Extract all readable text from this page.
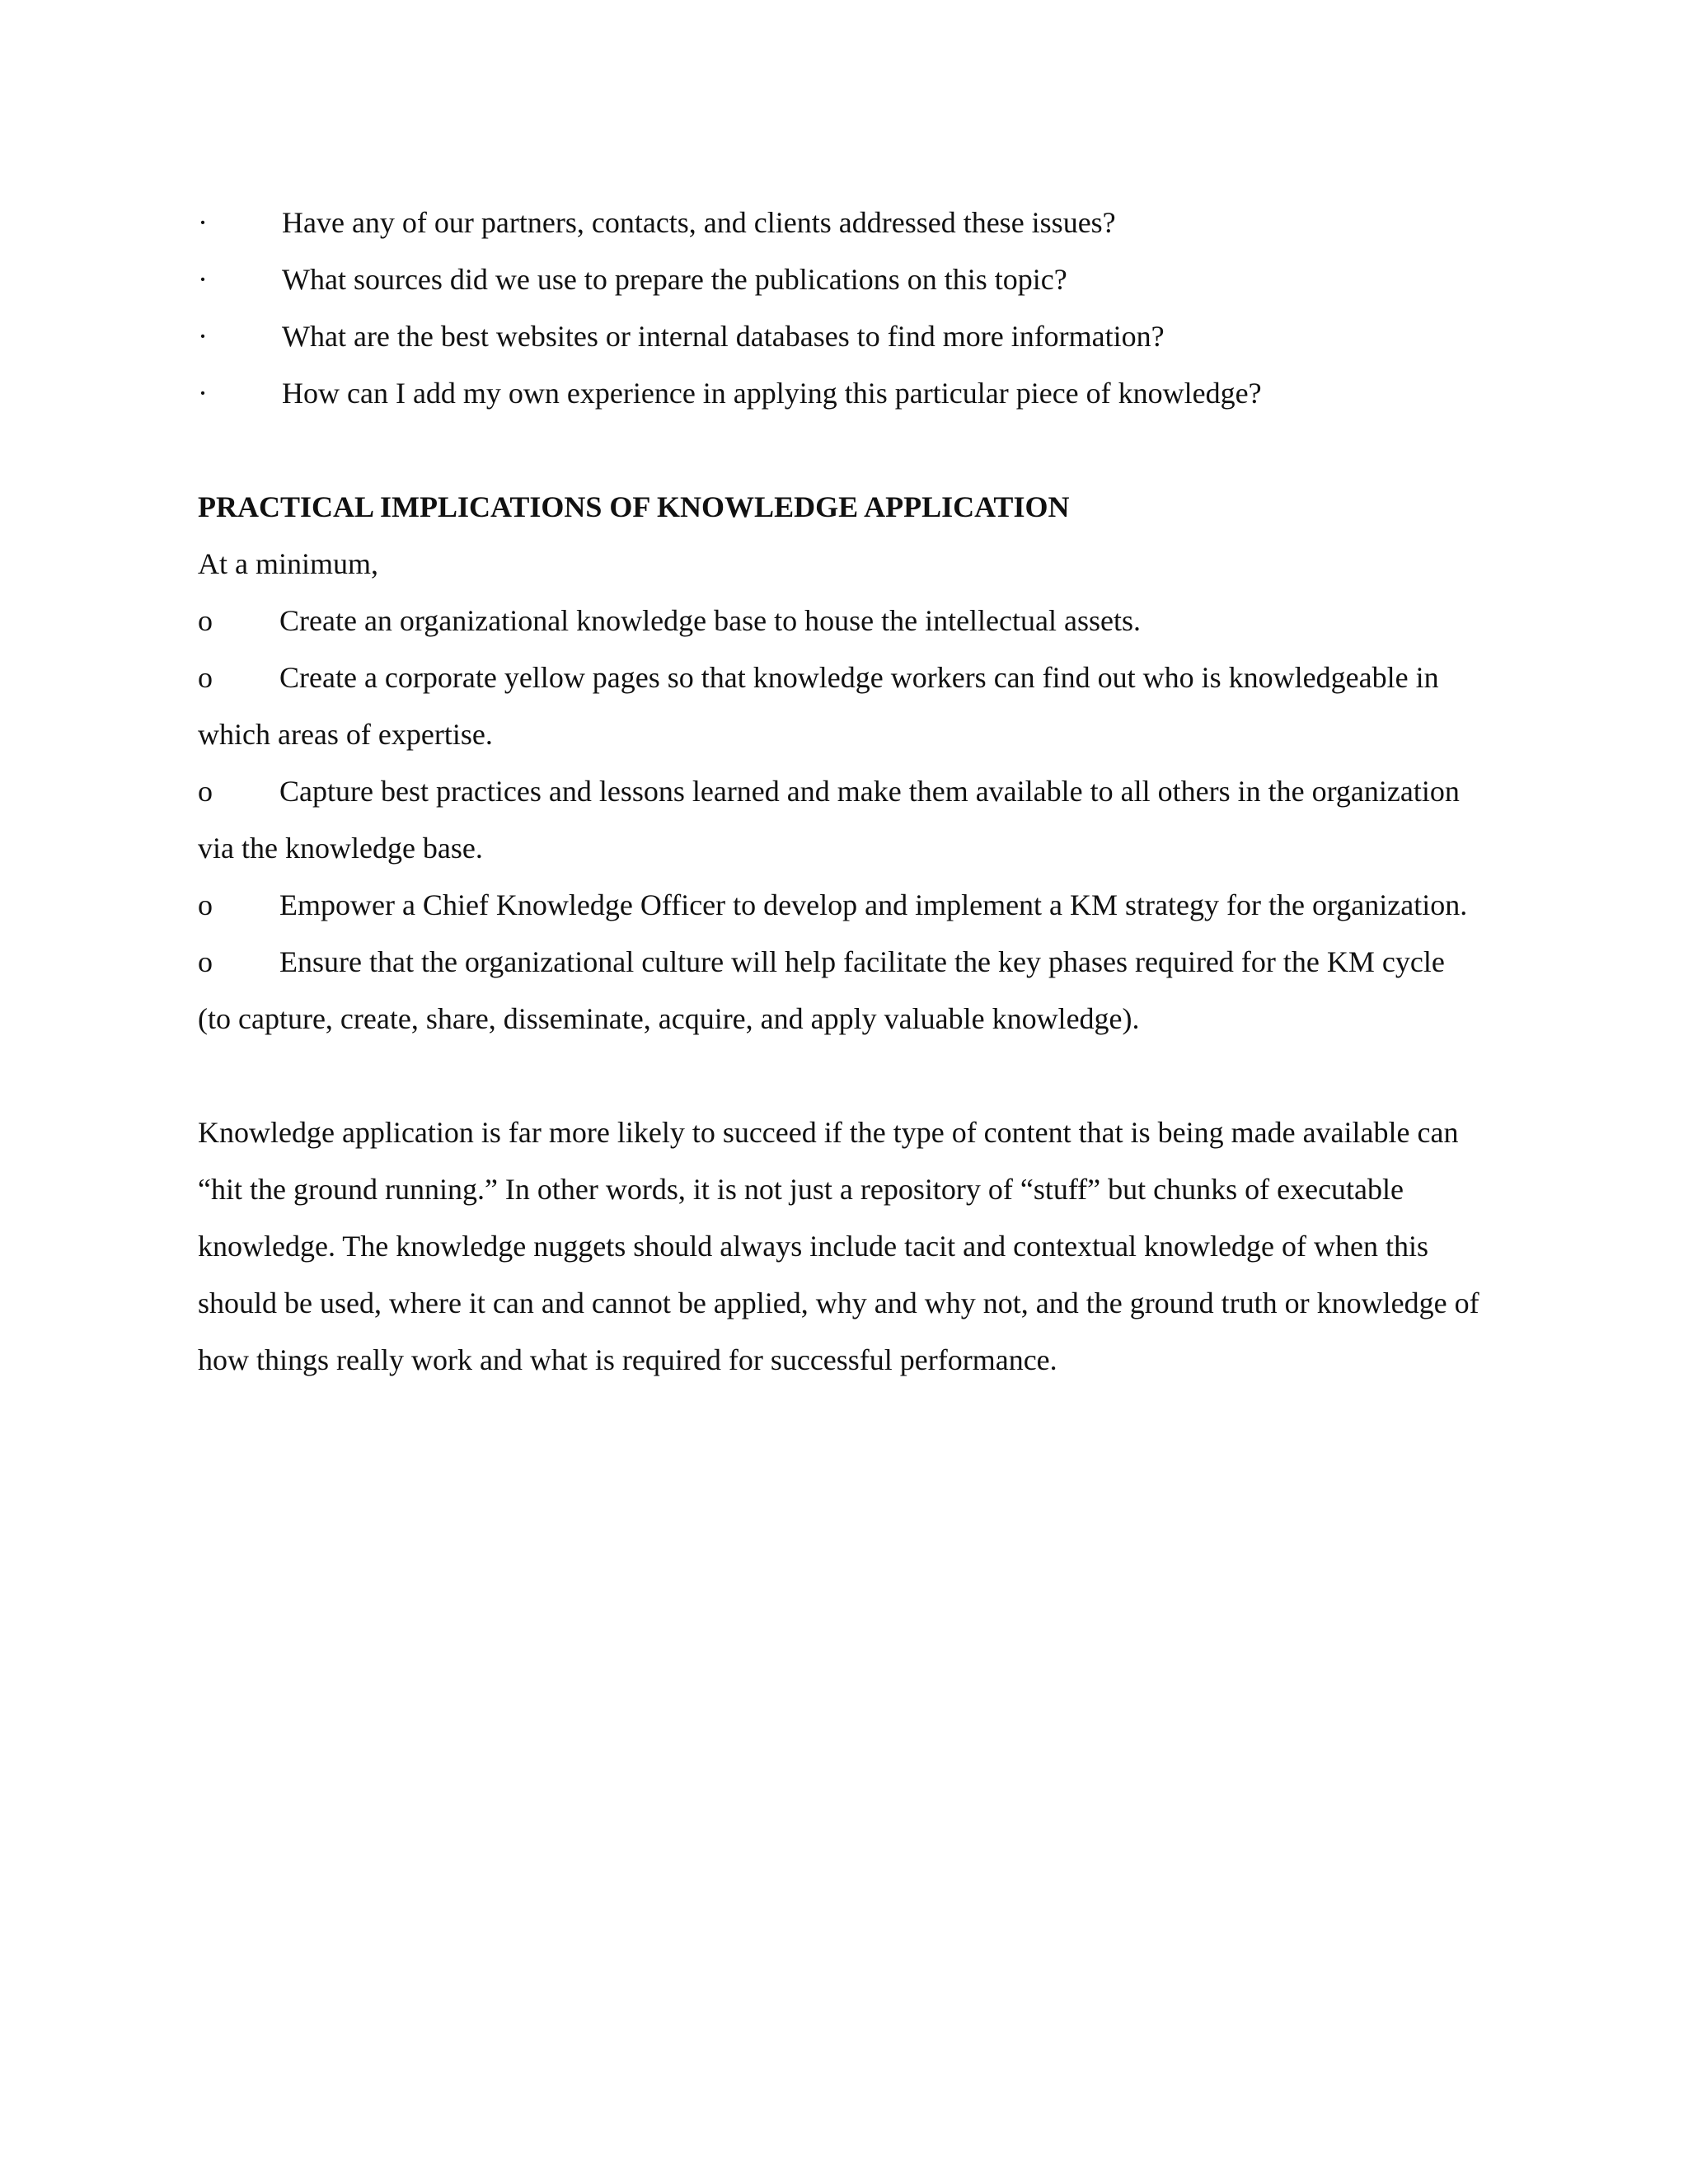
·	Have any of our partners, contacts, and clients addressed these issues?
·	What sources did we use to prepare the publications on this topic?
·	What are the best websites or internal databases to find more information?
·	How can I add my own experience in applying this particular piece of knowledge?
PRACTICAL IMPLICATIONS OF KNOWLEDGE APPLICATION
At a minimum,
o Create an organizational knowledge base to house the intellectual assets.
o Create a corporate yellow pages so that knowledge workers can find out who is knowledgeable in which areas of expertise.
o Capture best practices and lessons learned and make them available to all others in the organization via the knowledge base.
o Empower a Chief Knowledge Officer to develop and implement a KM strategy for the organization.
o Ensure that the organizational culture will help facilitate the key phases required for the KM cycle (to capture, create, share, disseminate, acquire, and apply valuable knowledge).
Knowledge application is far more likely to succeed if the type of content that is being made available can “hit the ground running.” In other words, it is not just a repository of “stuff” but chunks of executable knowledge. The knowledge nuggets should always include tacit and contextual knowledge of when this should be used, where it can and cannot be applied, why and why not, and the ground truth or knowledge of how things really work and what is required for successful performance.
